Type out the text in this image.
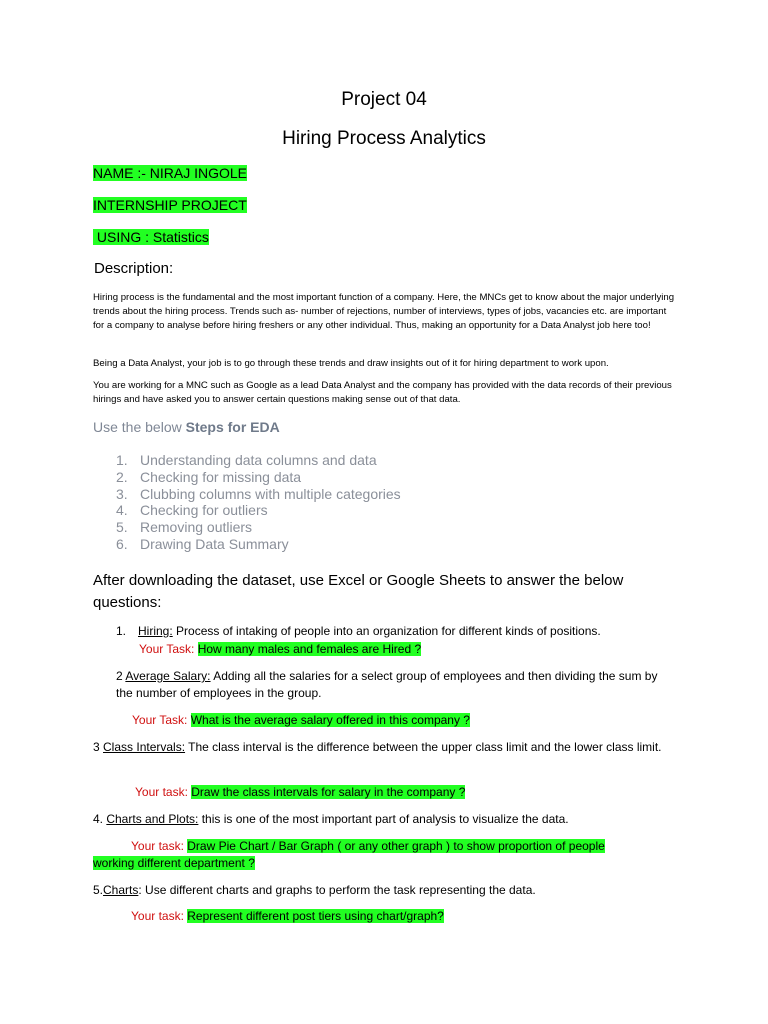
Project 04
Hiring Process Analytics
NAME :- NIRAJ INGOLE
INTERNSHIP PROJECT
USING : Statistics
Description:
Hiring process is the fundamental and the most important function of a company. Here, the MNCs get to know about the major underlying trends about the hiring process. Trends such as- number of rejections, number of interviews, types of jobs, vacancies etc. are important for a company to analyse before hiring freshers or any other individual. Thus, making an opportunity for a Data Analyst job here too!
Being a Data Analyst, your job is to go through these trends and draw insights out of it for hiring department to work upon.
You are working for a MNC such as Google as a lead Data Analyst and the company has provided with the data records of their previous hirings and have asked you to answer certain questions making sense out of that data.
Use the below Steps for EDA
1. Understanding data columns and data
2. Checking for missing data
3. Clubbing columns with multiple categories
4. Checking for outliers
5. Removing outliers
6. Drawing Data Summary
After downloading the dataset, use Excel or Google Sheets to answer the below questions:
1. Hiring: Process of intaking of people into an organization for different kinds of positions.
Your Task: How many males and females are Hired ?
2 Average Salary: Adding all the salaries for a select group of employees and then dividing the sum by the number of employees in the group.
Your Task: What is the average salary offered in this company ?
3 Class Intervals: The class interval is the difference between the upper class limit and the lower class limit.
Your task: Draw the class intervals for salary in the company ?
4. Charts and Plots: this is one of the most important part of analysis to visualize the data.
Your task: Draw Pie Chart / Bar Graph ( or any other graph ) to show proportion of people
working different department ?
5.Charts: Use different charts and graphs to perform the task representing the data.
Your task: Represent different post tiers using chart/graph?
